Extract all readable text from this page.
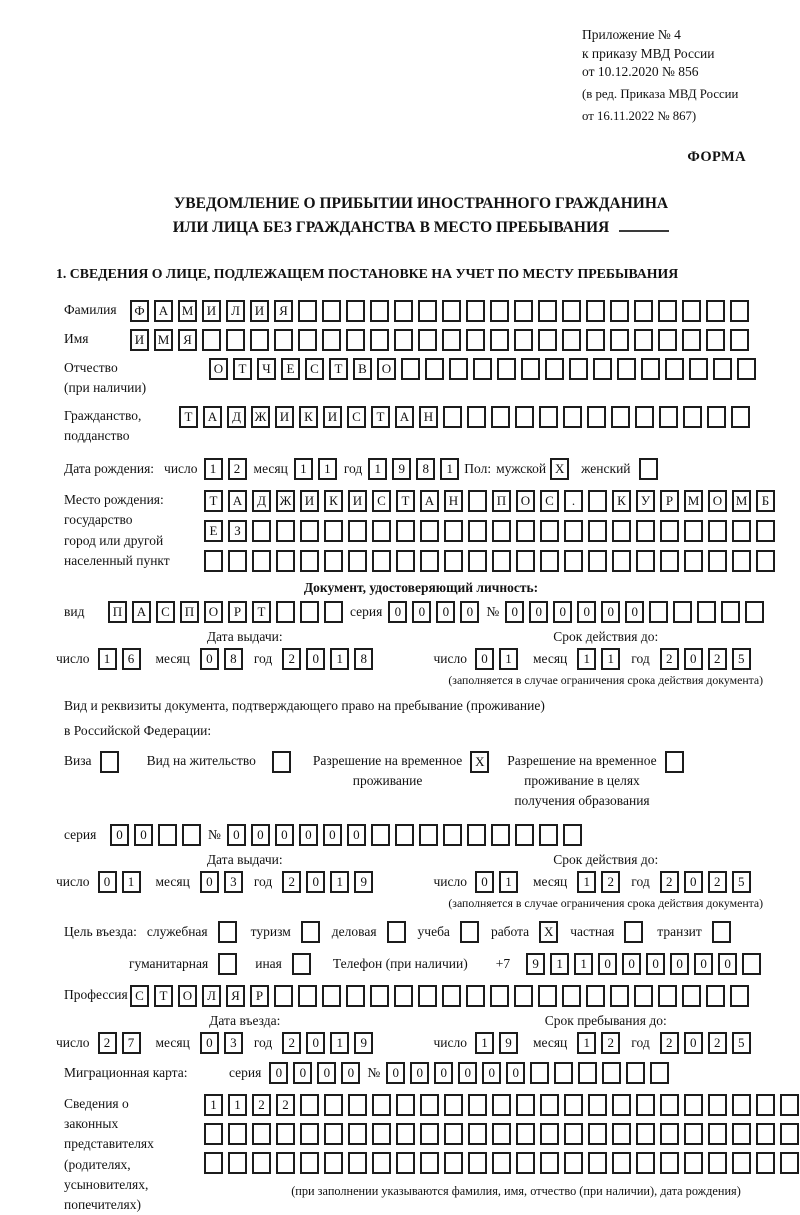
Приложение № 4
к приказу МВД России
от 10.12.2020 № 856
(в ред. Приказа МВД России
от 16.11.2022 № 867)
ФОРМА
УВЕДОМЛЕНИЕ О ПРИБЫТИИ ИНОСТРАННОГО ГРАЖДАНИНА
ИЛИ ЛИЦА БЕЗ ГРАЖДАНСТВА В МЕСТО ПРЕБЫВАНИЯ
1. СВЕДЕНИЯ О ЛИЦЕ, ПОДЛЕЖАЩЕМ ПОСТАНОВКЕ НА УЧЕТ ПО МЕСТУ ПРЕБЫВАНИЯ
Фамилия	Ф А М И Л И Я
Имя	И М Я
Отчество
(при наличии)
О Т Ч Е С Т В О
Гражданство,
подданство
Т А Д Ж И К И С Т А Н
Дата рождения: число 1 2 месяц 1 1 год 1 9 8 1 Пол: мужской X	женский
Место рождения:
государство
город или другой
населенный пункт
Т А Д Ж И К И С Т А Н	П О С .	К У Р М О М Б
Е З
Документ, удостоверяющий личность:
вид	П А С П О Р Т	серия 0 0 0 0 № 0 0 0 0 0 0
Дата выдачи:
число 1 6 месяц 0 8 год 2 0 1 8
Срок действия до:
число 0 1 месяц 1 1 год 2 0 2 5
(заполняется в случае ограничения срока действия документа)
Вид и реквизиты документа, подтверждающего право на пребывание (проживание)
в Российской Федерации:
Виза	Вид на жительство	Разрешение на временное
проживание
X	Разрешение на временное
проживание в целях
получения образования
серия	0 0	№ 0 0 0 0 0 0
Дата выдачи:
число 0 1 месяц 0 3 год 2 0 1 9
Срок действия до:
число 0 1 месяц 1 2 год 2 0 2 5
(заполняется в случае ограничения срока действия документа)
Цель въезда: служебная	туризм	деловая	учеба	работа X частная	транзит
гуманитарная	иная	Телефон (при наличии) +7 9 1 1 0 0 0 0 0 0
Профессия С Т О Л Я Р
Дата въезда:
число 2 7 месяц 0 3 год 2 0 1 9
Срок пребывания до:
число 1 9 месяц 1 2 год 2 0 2 5
Миграционная карта:	серия	0 0 0 0 № 0 0 0 0 0 0
Сведения о
законных
представителях
(родителях,
усыновителях,
попечителях)
1 1 2 2
(при заполнении указываются фамилия, имя, отчество (при наличии), дата рождения)
